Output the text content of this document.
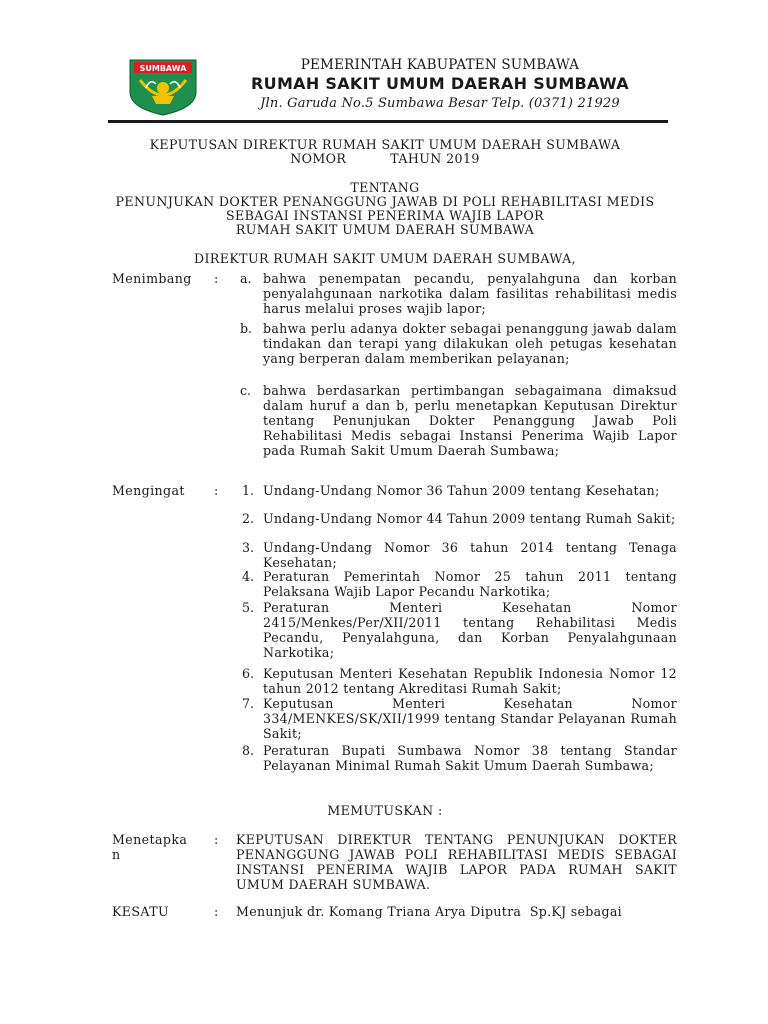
SUMBAWA	PEMERINTAH KABUPATEN SUMBAWA
RUMAH SAKIT UMUM DAERAH SUMBAWA
Jln. Garuda No.5 Sumbawa Besar Telp. (0371) 21929
KEPUTUSAN DIREKTUR RUMAH SAKIT UMUM DAERAH SUMBAWA
NOMOR          TAHUN 2019
TENTANG
PENUNJUKAN DOKTER PENANGGUNG JAWAB DI POLI REHABILITASI MEDIS
SEBAGAI INSTANSI PENERIMA WAJIB LAPOR
RUMAH SAKIT UMUM DAERAH SUMBAWA
DIREKTUR RUMAH SAKIT UMUM DAERAH SUMBAWA,
Menimbang : a. bahwa penempatan pecandu, penyalahguna dan korban penyalahgunaan narkotika dalam fasilitas rehabilitasi medis harus melalui proses wajib lapor;
b. bahwa perlu adanya dokter sebagai penanggung jawab dalam tindakan dan terapi yang dilakukan oleh petugas kesehatan yang berperan dalam memberikan pelayanan;
c. bahwa berdasarkan pertimbangan sebagaimana dimaksud dalam huruf a dan b, perlu menetapkan Keputusan Direktur tentang Penunjukan Dokter Penanggung Jawab Poli Rehabilitasi Medis sebagai Instansi Penerima Wajib Lapor pada Rumah Sakit Umum Daerah Sumbawa;
Mengingat : 1. Undang-Undang Nomor 36 Tahun 2009 tentang Kesehatan;
2. Undang-Undang Nomor 44 Tahun 2009 tentang Rumah Sakit;
3. Undang-Undang Nomor 36 tahun 2014 tentang Tenaga Kesehatan;
4. Peraturan Pemerintah Nomor 25 tahun 2011 tentang Pelaksana Wajib Lapor Pecandu Narkotika;
5. Peraturan Menteri Kesehatan Nomor 2415/Menkes/Per/XII/2011 tentang Rehabilitasi Medis Pecandu, Penyalahguna, dan Korban Penyalahgunaan Narkotika;
6. Keputusan Menteri Kesehatan Republik Indonesia Nomor 12 tahun 2012 tentang Akreditasi Rumah Sakit;
7. Keputusan Menteri Kesehatan Nomor 334/MENKES/SK/XII/1999 tentang Standar Pelayanan Rumah Sakit;
8. Peraturan Bupati Sumbawa Nomor 38 tentang Standar Pelayanan Minimal Rumah Sakit Umum Daerah Sumbawa;
MEMUTUSKAN :
Menetapka
n
: KEPUTUSAN DIREKTUR TENTANG PENUNJUKAN DOKTER PENANGGUNG JAWAB POLI REHABILITASI MEDIS SEBAGAI INSTANSI PENERIMA WAJIB LAPOR PADA RUMAH SAKIT UMUM DAERAH SUMBAWA.
KESATU	: Menunjuk dr. Komang Triana Arya Diputra  Sp.KJ sebagai
